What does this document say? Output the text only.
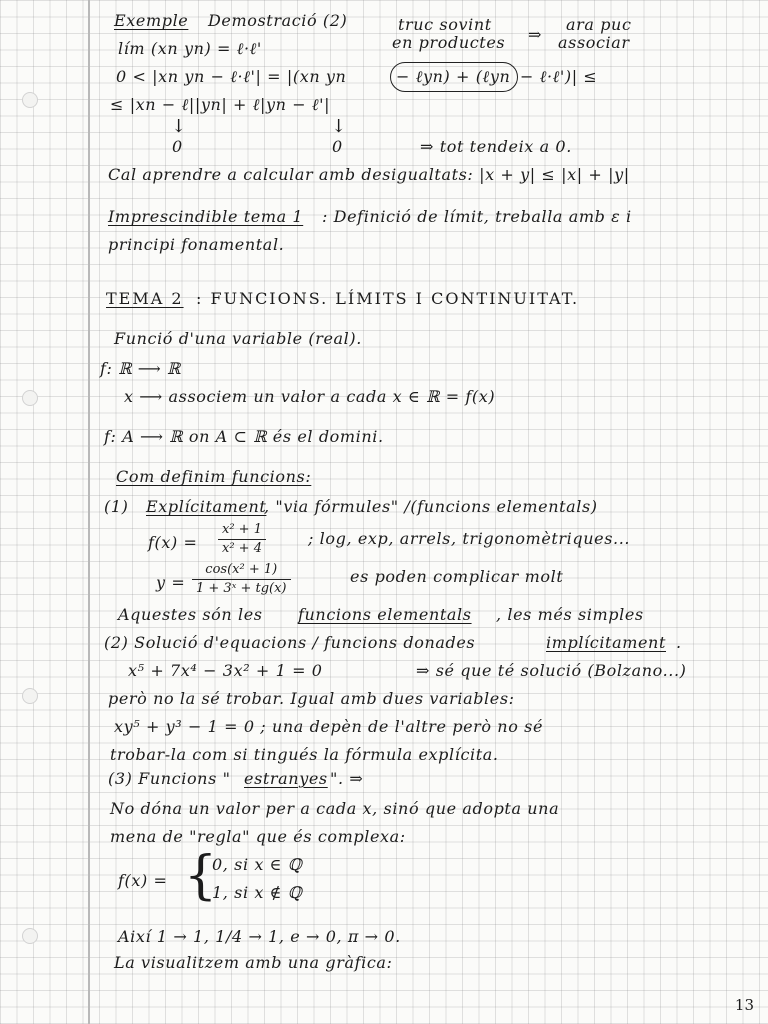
Exemple Demostració (2)	truc sovint
en productes ⇒
ara puc
associar
lím (xn yn) = ℓ·ℓ'
0 < |xn yn − ℓ·ℓ'| = |(xn yn	− ℓyn) + (ℓyn − ℓ·ℓ')| ≤
≤ |xn − ℓ||yn| + ℓ|yn − ℓ'|
↓
0
↓
0	⇒ tot tendeix a 0.
Cal aprendre a calcular amb desigualtats: |x + y| ≤ |x| + |y|
Imprescindible tema 1 : Definició de límit, treballa amb ε i
principi fonamental.
TEMA 2 : FUNCIONS. LÍMITS I CONTINUITAT.
Funció d'una variable (real).
f: ℝ ⟶ ℝ
x ⟶ associem un valor a cada x ∈ ℝ = f(x)
f: A ⟶ ℝ on A ⊂ ℝ és el domini.
Com definim funcions:
(1) Explícitament
, "via fórmules" /(funcions elementals)
$f(x) = \frac{\text{x² + 1}}{\text{x² + 4}}$	; log, exp, arrels, trigonomètriques...
$y = \frac{\text{cos(x² + 1)}}{\text{1 + 3ˣ + tg(x)}}$	es poden complicar molt
Aquestes són les funcions elementals , les més simples
(2) Solució d'equacions / funcions donades	implícitament .
x⁵ + 7x⁴ − 3x² + 1 = 0	⇒ sé que té solució (Bolzano...)
però no la sé trobar. Igual amb dues variables:
xy⁵ + y³ − 1 = 0 ; una depèn de l'altre però no sé
trobar-la com si tingués la fórmula explícita.
(3) Funcions " estranyes ". ⇒
No dóna un valor per a cada x, sinó que adopta una
mena de "regla" que és complexa:
f(x) = {
0, si x ∈ ℚ
1, si x ∉ ℚ
Així 1 → 1, 1/4 → 1, e → 0, π → 0.
La visualitzem amb una gràfica:
13
